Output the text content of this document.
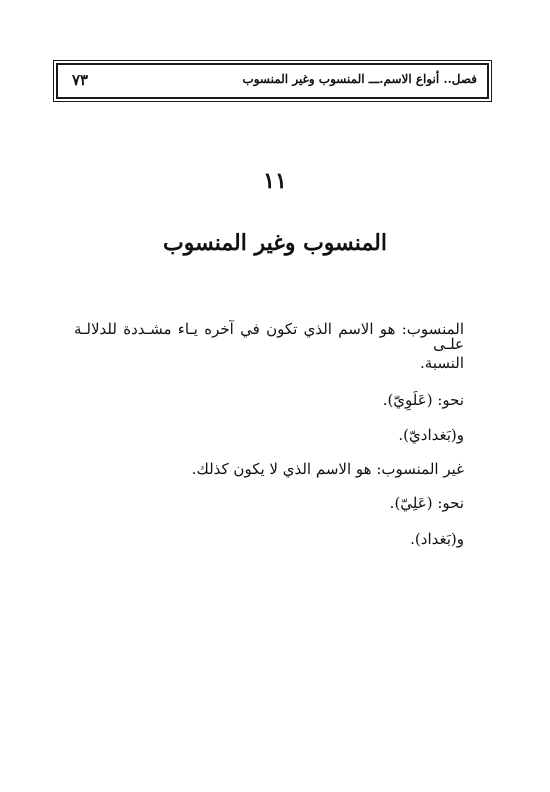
فصل.. أنواع الاسم.ـــ المنسوب وغير المنسوب
٧٣
١١
المنسوب وغير المنسوب
المنسوب: هو الاسم الذي تكون في آخره يـاء مشـددة للدلالـة علـى
النسبة.
نحو: (عَلَوِيّ).
و(بَغداديّ).
غير المنسوب: هو الاسم الذي لا يكون كذلك.
نحو: (عَلِيّ).
و(بَغداد).
